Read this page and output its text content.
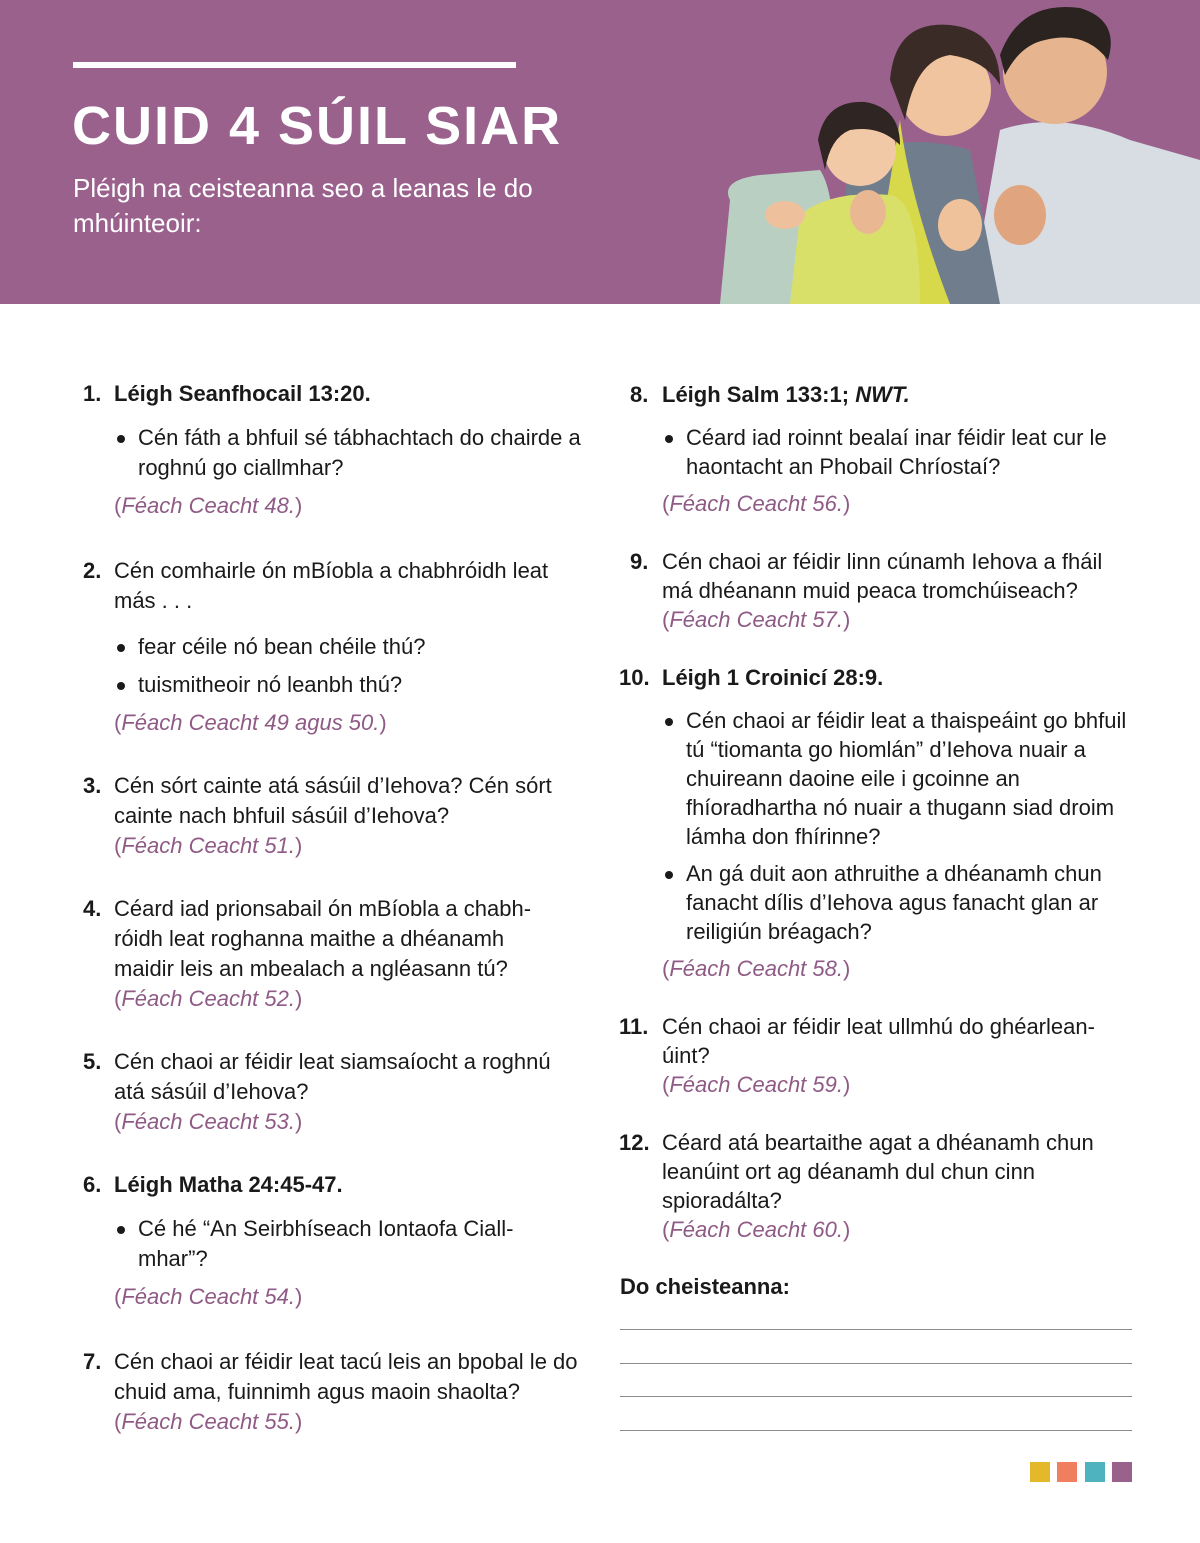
CUID 4 SÚIL SIAR

Pléigh na ceisteanna seo a leanas le do mhúinteoir:

1. Léigh Seanfhocail 13:20.
Cén fáth a bhfuil sé tábhachtach do chairde a roghnú go ciallmhar?
(Féach Ceacht 48.)
2. Cén comhairle ón mBíobla a chabhróidh leat más . . .
fear céile nó bean chéile thú?
tuismitheoir nó leanbh thú?
(Féach Ceacht 49 agus 50.)
3. Cén sórt cainte atá sásúil d’Iehova? Cén sórt cainte nach bhfuil sásúil d’Iehova?
(Féach Ceacht 51.)
4. Céard iad prionsabail ón mBíobla a chabh-róidh leat roghanna maithe a dhéanamh maidir leis an mbealach a ngléasann tú?
(Féach Ceacht 52.)
5. Cén chaoi ar féidir leat siamsaíocht a roghnú atá sásúil d’Iehova?
(Féach Ceacht 53.)
6. Léigh Matha 24:45-47.
Cé hé “An Seirbhíseach Iontaofa Ciall-mhar”?
(Féach Ceacht 54.)
7. Cén chaoi ar féidir leat tacú leis an bpobal le do chuid ama, fuinnimh agus maoin shaolta?
(Féach Ceacht 55.)
8. Léigh Salm 133:1; NWT.
Céard iad roinnt bealaí inar féidir leat cur le haontacht an Phobail Chríostaí?
(Féach Ceacht 56.)
9. Cén chaoi ar féidir linn cúnamh Iehova a fháil má dhéanann muid peaca tromchúiseach?
(Féach Ceacht 57.)
10. Léigh 1 Croinicí 28:9.
Cén chaoi ar féidir leat a thaispeáint go bhfuil tú “tiomanta go hiomlán” d’Iehova nuair a chuireann daoine eile i gcoinne an fhíoradhartha nó nuair a thugann siad droim lámha don fhírinne?
An gá duit aon athruithe a dhéanamh chun fanacht dílis d’Iehova agus fanacht glan ar reiligiún bréagach?
(Féach Ceacht 58.)
11. Cén chaoi ar féidir leat ullmhú do ghéarlean-úint?
(Féach Ceacht 59.)
12. Céard atá beartaithe agat a dhéanamh chun leanúint ort ag déanamh dul chun cinn spioradálta?
(Féach Ceacht 60.)

Do cheisteanna:
